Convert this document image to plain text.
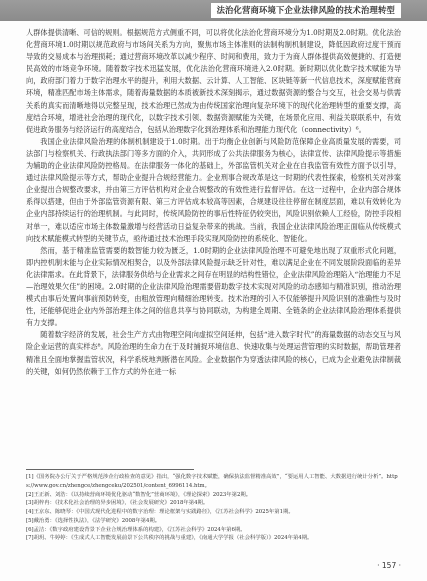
法治化营商环境下企业法律风险的技术治理转型

人群体提供清晰、可信的规则。根据规范方式侧重不同，可以将优化法治化营商环境分为1.0时期及2.0时期。优化法治化营商环境1.0时期以规范政府与市场间关系为方向，聚焦市场主体准则的法制构制机制建设，降低因政府过度干预而导致的交易成本与治理损耗；通过营商环境改革以减少程序、时间和费用，致力于为商人群体提供高效便捷的、打造便民高效的市场竞争环境。随着数字技术迅猛发展，优化法治化营商环境进入2.0时期。新时期以优化数字技术赋能为导向，政府部门着力于数字治理水平的提升，利用大数据、云计算、人工智能、区块链等新一代信息技术，深度赋能营商环境，精准匹配市场主体需求，随着海量数据的本质被新技术深刻揭示，通过数据资源的整合与交互，社会交易与供需关系的真实而清晰地得以完整呈现，技术治理已然成为由传统国家治理向复杂环境下的现代化治理转型的重要支撑，高度结合环境，增进社会治理的现代化，以数字技术引领、数据资源赋能为关键，在场景化应用、利益关联联系中，有效促进政务服务与经济运行的高度结合，包括从治理数字化到治理体系和治理能力现代化（connectivity）⁶。

我国企业法律风险治理的体制机制建设于1.0时期。出于均衡企业创新与风险防范保障企业高质量发展的需要，司法部门与检察机关、行政执法部门等多方面的介入，共同形成了公共法律服务为核心，法律宣传、法律风险提示等措施为辅助的企业法律风险防控格局。在法律服务一体化的基础上，外部监管机关对企业在自我监管有效性方面予以引导，通过法律风险提示等方式，帮助企业提升合规经营能力。企业刑事合规改革是这一时期的代表性探索，检察机关对涉案企业提出合规整改要求，并由第三方评估机构对企业合规整改的有效性进行监督评估。在这一过程中，企业内部合规体系得以搭建，但由于外部监管资源有限、第三方评估成本较高等因素，合规建设往往停留在制度层面，难以有效转化为企业内部持续运行的治理机制。与此同时，传统风险防控的事后性特征仍较突出，风险识别依赖人工经验，防控手段相对单一，难以适应市场主体数量激增与经营活动日益复杂带来的挑战。当前，我国企业法律风险治理正面临从传统模式向技术赋能模式转型的关键节点，亟待通过技术治理手段实现风险防控的系统化、智能化。

然而，基于精准监管需要的数智能力较为匮乏，1.0时期的企业法律风险治理不可避免地出现了双重形式化问题，即内控机制未能与企业实际情况相契合，以及外部法律风险提示缺乏针对性，难以满足企业在不同发展阶段面临的差异化法律需求。在此背景下，法律服务供给与企业需求之间存在明显的结构性错位，企业法律风险治理陷入“治理能力不足—治理效果欠佳”的困境。2.0时期的企业法律风险治理需要借助数字技术实现对风险的动态感知与精准识别，推动治理模式由事后处置向事前预防转变，由粗放管理向精细治理转变。技术治理的引入不仅能够提升风险识别的准确性与及时性，还能够促进企业内外部治理主体之间的信息共享与协同联动，为构建全周期、全链条的企业法律风险治理体系提供有力支撑。

随着数字经济的发展，社会生产方式由物理空间向虚拟空间延伸，包括“进入数字时代”的海量数据的动态交互与风险企业运营的真实样态⁸。风险治理的生命力在于及时捕捉环境信息、快速收集与处理运营管理的实时数据，帮助管理者精准且全面地掌握监管状况，科学系统地判断潜在风险。企业数据作为穿透法律风险的核心，已成为企业避免法律制裁的关键，如何仍然依赖于工作方式的外在进一标

[1]《国务院办公厅关于严格规范涉企行政检查的意见》指出，“强化数字技术赋能，确保执法监督精准高效”，“要运用人工智能、大数据进行统计分析”。https://www.gov.cn/zhengce/zhengceku/202501/content_6996114.htm。

[2]王正新、刘浩：《以持续营商环境优化驱动“数智化”营商环境》，《理论探索》2023年第2期。

[3]胡梓冉：《技术化社会治理的异步困境》，《社会发展研究》2018年第4期。

[4]王京东、陈晓琴：《中国式现代化进程中的数字治理：理论框架与实践路径》，《江苏社会科学》2025年第1期。

[5]戴治勇：《选择性执法》，《法学研究》2008年第4期。

[6]孟洁：《数字政府建设背景下企业合规治理体系的构建》，《江苏社会科学》2024年第6期。

[7]胡玥、牛婷婷：《生成式人工智能发展前景下公共秩序的挑战与重建》，《南通大学学报（社会科学版）》2024年第4期。

· 157 ·
